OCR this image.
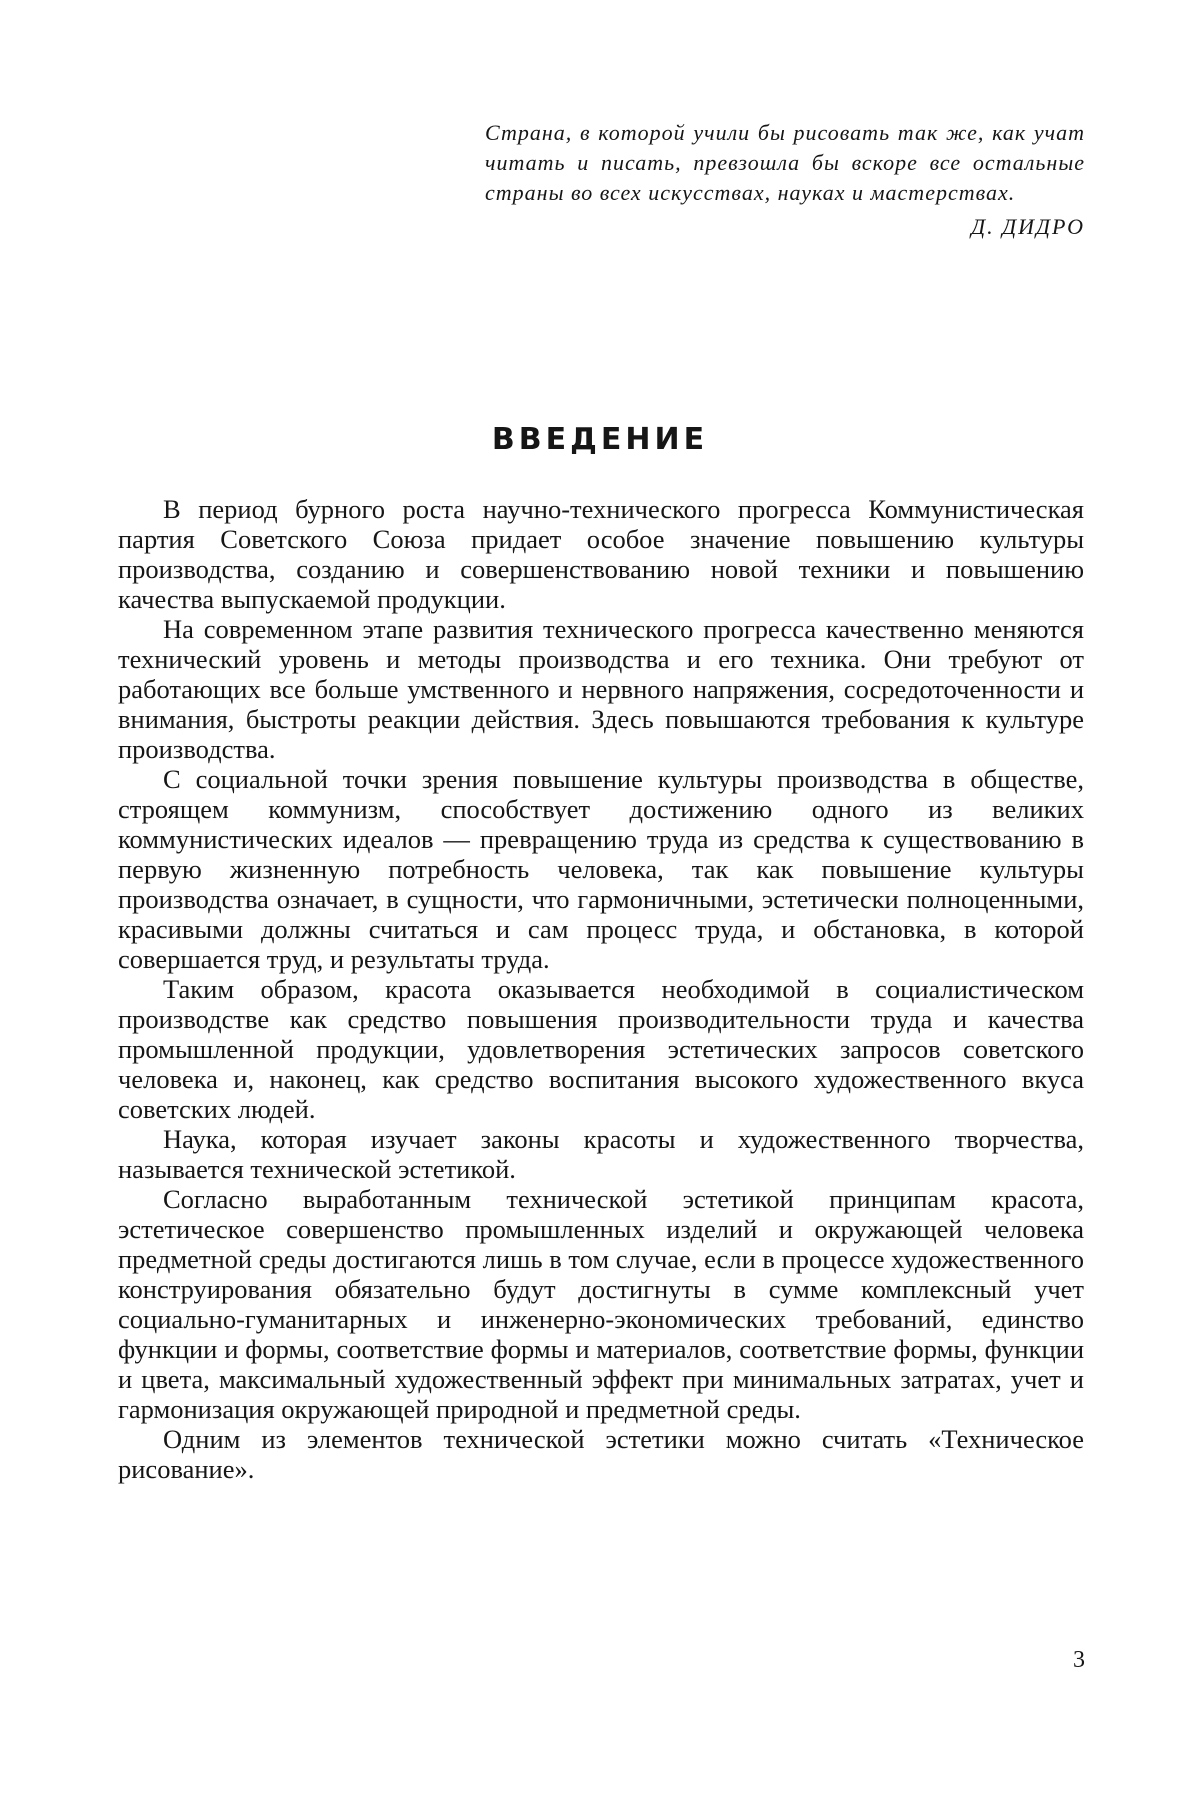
Страна, в которой учили бы рисовать так же, как учат читать и писать, превзошла бы вскоре все остальные страны во всех искусствах, науках и мастерствах.

Д. ДИДРО

ВВЕДЕНИЕ

В период бурного роста научно-технического прогресса Коммунистическая партия Советского Союза придает особое значение повышению культуры производства, созданию и совершенствованию новой техники и повышению качества выпускаемой продукции.

На современном этапе развития технического прогресса качественно меняются технический уровень и методы производства и его техника. Они требуют от работающих все больше умственного и нервного напряжения, сосредоточенности и внимания, быстроты реакции действия. Здесь повышаются требования к культуре производства.

С социальной точки зрения повышение культуры производства в обществе, строящем коммунизм, способствует достижению одного из великих коммунистических идеалов — превращению труда из средства к существованию в первую жизненную потребность человека, так как повышение культуры производства означает, в сущности, что гармоничными, эстетически полноценными, красивыми должны считаться и сам процесс труда, и обстановка, в которой совершается труд, и результаты труда.

Таким образом, красота оказывается необходимой в социалистическом производстве как средство повышения производительности труда и качества промышленной продукции, удовлетворения эстетических запросов советского человека и, наконец, как средство воспитания высокого художественного вкуса советских людей.

Наука, которая изучает законы красоты и художественного творчества, называется технической эстетикой.

Согласно выработанным технической эстетикой принципам красота, эстетическое совершенство промышленных изделий и окружающей человека предметной среды достигаются лишь в том случае, если в процессе художественного конструирования обязательно будут достигнуты в сумме комплексный учет социально-гуманитарных и инженерно-экономических требований, единство функции и формы, соответствие формы и материалов, соответствие формы, функции и цвета, максимальный художественный эффект при минимальных затратах, учет и гармонизация окружающей природной и предметной среды.

Одним из элементов технической эстетики можно считать «Техническое рисование».

3
